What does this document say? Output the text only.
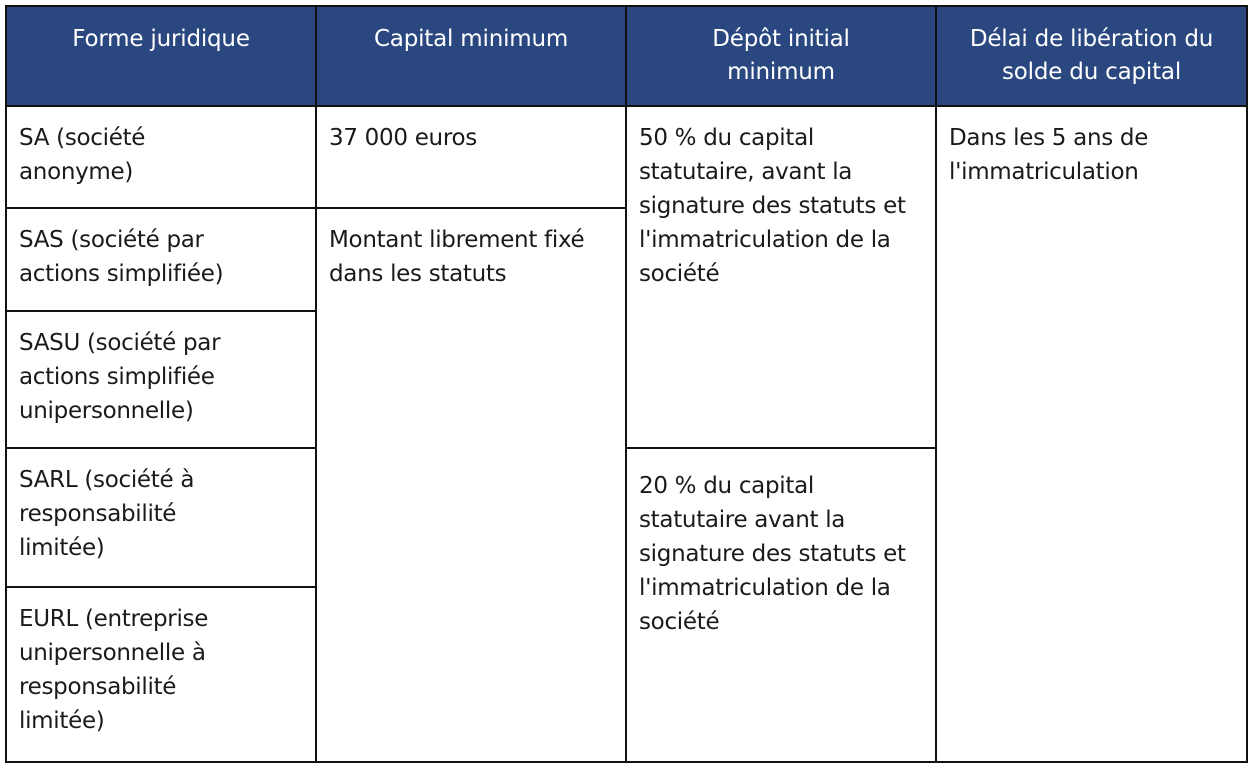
Forme juridique	Capital minimum	Dépôt initial minimum	Délai de libération du solde du capital

SA (société anonyme)	37 000 euros	50 % du capital statutaire, avant la signature des statuts et l'immatriculation de la société	Dans les 5 ans de l'immatriculation

SAS (société par actions simplifiée)	Montant librement fixé dans les statuts		

SASU (société par actions simplifiée unipersonnelle)			

SARL (société à responsabilité limitée)		20 % du capital statutaire avant la signature des statuts et l'immatriculation de la société	

EURL (entreprise unipersonnelle à responsabilité limitée)			
